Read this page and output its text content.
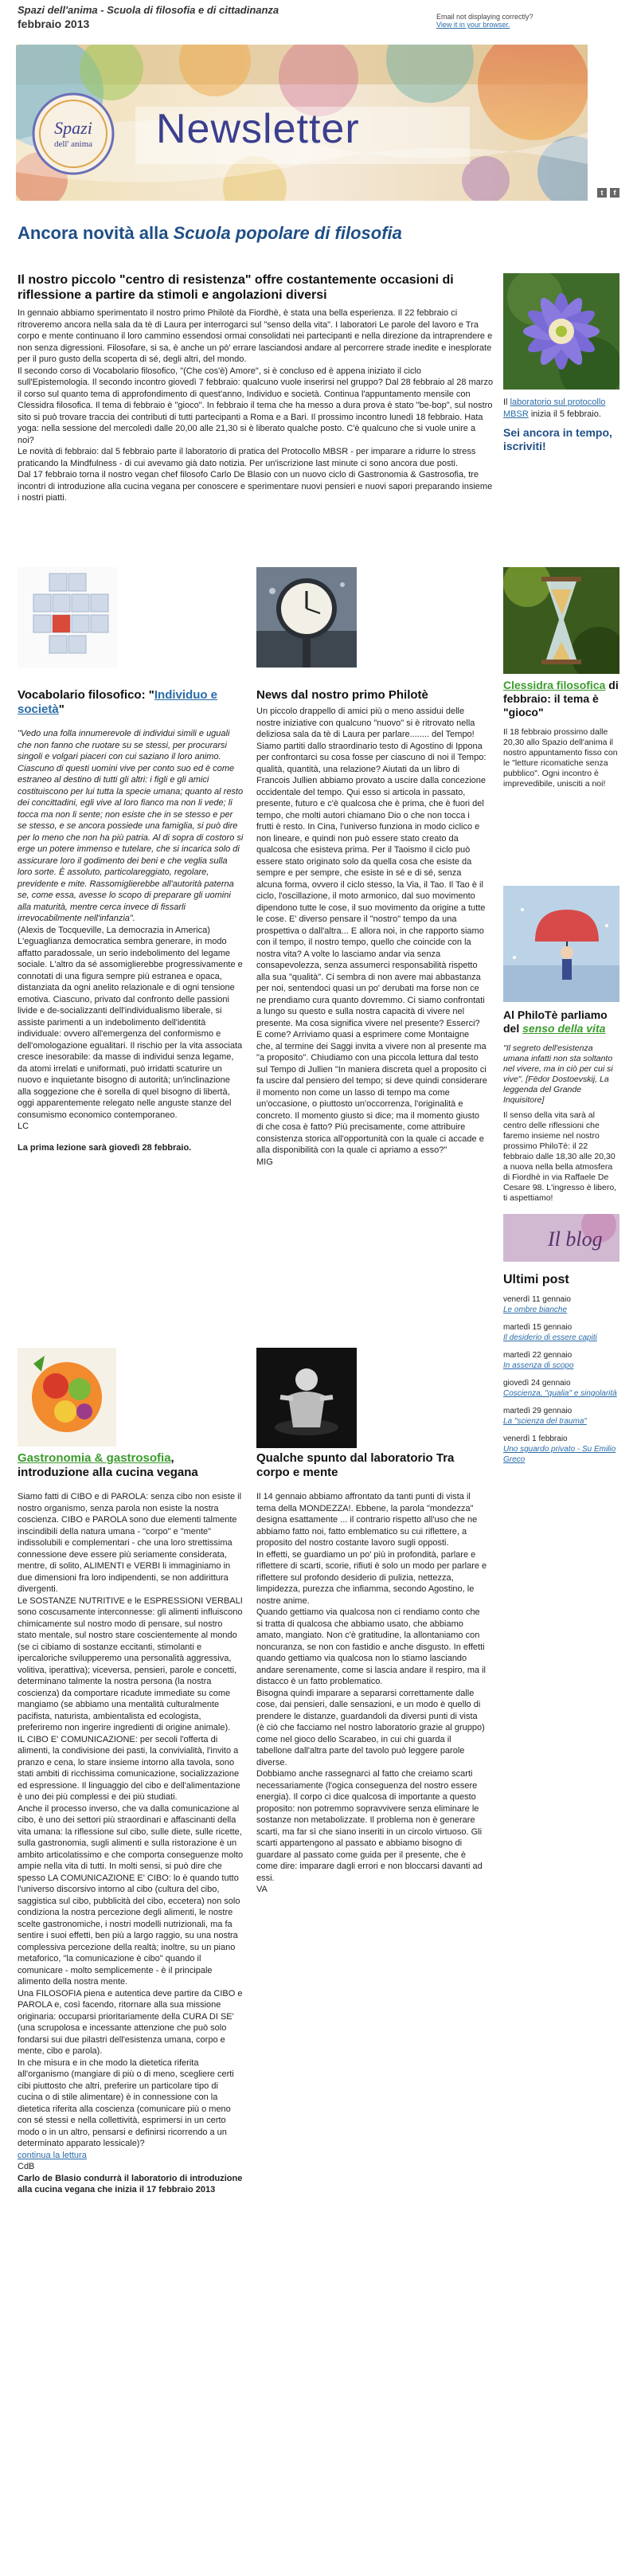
Spazi dell'anima - Scuola di filosofia e di cittadinanza
febbraio 2013
Email not displaying correctly?
View it in your browser.
Spazi
dell' anima Newsletter
t	f
Ancora novità alla Scuola popolare di filosofia
Il nostro piccolo "centro di resistenza" offre costantemente occasioni di riflessione a partire da stimoli e angolazioni diversi

In gennaio abbiamo sperimentato il nostro primo Philotè da Fiordhè, è stata una bella esperienza. Il 22 febbraio ci ritroveremo ancora nella sala da tè di Laura per interrogarci sul "senso della vita". I laboratori Le parole del lavoro e Tra corpo e mente continuano il loro cammino essendosi ormai consolidati nei partecipanti e nella direzione da intraprendere e non senza digressioni. Filosofare, si sa, è anche un pò' errare lasciandosi andare al percorrere strade inedite e inesplorate per il puro gusto della scoperta di sé, degli altri, del mondo.

Il secondo corso di Vocabolario filosofico, "(Che cos'è) Amore", si è concluso ed è appena iniziato il ciclo sull'Epistemologia. Il secondo incontro giovedì 7 febbraio: qualcuno vuole inserirsi nel gruppo? Dal 28 febbraio al 28 marzo il corso sul quanto tema di approfondimento di quest'anno, Individuo e società. Continua l'appuntamento mensile con Clessidra filosofica. Il tema di febbraio è "gioco". In febbraio il tema che ha messo a dura prova è stato "be-bop", sul nostro sito si può trovare traccia dei contributi di tutti partecipanti a Roma e a Bari. Il prossimo incontro lunedì 18 febbraio. Hata yoga: nella sessione del mercoledì dalle 20,00 alle 21,30 si è liberato qualche posto. C'è qualcuno che si vuole unire a noi?

Le novità di febbraio: dal 5 febbraio parte il laboratorio di pratica del Protocollo MBSR - per imparare a ridurre lo stress praticando la Mindfulness - di cui avevamo già dato notizia. Per un'iscrizione last minute ci sono ancora due posti.

Dal 17 febbraio torna il nostro vegan chef filosofo Carlo De Blasio con un nuovo ciclo di Gastronomia & Gastrosofia, tre incontri di introduzione alla cucina vegana per conoscere e sperimentare nuovi pensieri e nuovi sapori preparando insieme i nostri piatti.

Il laboratorio sul protocollo MBSR inizia il 5 febbraio.

Sei ancora in tempo, iscriviti!
Vocabolario filosofico: "Individuo e società"

"Vedo una folla innumerevole di individui simili e uguali che non fanno che ruotare su se stessi, per procurarsi singoli e volgari piaceri con cui saziano il loro animo. Ciascuno di questi uomini vive per conto suo ed è come estraneo al destino di tutti gli altri: i figli e gli amici costituiscono per lui tutta la specie umana; quanto al resto dei concittadini, egli vive al loro fianco ma non li vede; li tocca ma non li sente; non esiste che in se stesso e per se stesso, e se ancora possiede una famiglia, si può dire per lo meno che non ha più patria. Al di sopra di costoro si erge un potere immenso e tutelare, che si incarica solo di assicurare loro il godimento dei beni e che veglia sulla loro sorte. È assoluto, particolareggiato, regolare, previdente e mite. Rassomiglierebbe all'autorità paterna se, come essa, avesse lo scopo di preparare gli uomini alla maturità, mentre cerca invece di fissarli irrevocabilmente nell'infanzia".

(Alexis de Tocqueville, La democrazia in America)

L'eguaglianza democratica sembra generare, in modo affatto paradossale, un serio indebolimento del legame sociale. L'altro da sé assomiglierebbe progressivamente e connotati di una figura sempre più estranea e opaca, distanziata da ogni anelito relazionale e di ogni tensione emotiva. Ciascuno, privato dal confronto delle passioni livide e de-socializzanti dell'individualismo liberale, si assiste parimenti a un indebolimento dell'identità individuale: ovvero all'emergenza del conformismo e dell'omologazione egualitari. Il rischio per la vita associata cresce inesorabile: da masse di individui senza legame, da atomi irrelati e uniformati, può irridatti scaturire un nuovo e inquietante bisogno di autorità; un'inclinazione alla soggezione che è sorella di quel bisogno di libertà, oggi apparentemente relegato nelle anguste stanze del consumismo economico contemporaneo.

LC

La prima lezione sarà giovedì 28 febbraio.

News dal nostro primo Philotè

Un piccolo drappello di amici più o meno assidui delle nostre iniziative con qualcuno "nuovo" si è ritrovato nella deliziosa sala da tè di Laura per parlare........ del Tempo! Siamo partiti dallo straordinario testo di Agostino di Ippona per confrontarci su cosa fosse per ciascuno di noi il Tempo: qualità, quantità, una relazione? Aiutati da un libro di Francois Jullien abbiamo provato a uscire dalla concezione occidentale del tempo. Qui esso si articola in passato, presente, futuro e c'è qualcosa che è prima, che è fuori del tempo, che molti autori chiamano Dio o che non tocca i frutti è resto. In Cina, l'universo funziona in modo ciclico e non lineare, e quindi non può essere stato creato da qualcosa che esisteva prima. Per il Taoismo il ciclo può essere stato originato solo da quella cosa che esiste da sempre e per sempre, che esiste in sé e di sé, senza alcuna forma, ovvero il ciclo stesso, la Via, il Tao. Il Tao è il ciclo, l'oscillazione, il moto armonico, dal suo movimento dipendono tutte le cose, il suo movimento da origine a tutte le cose. E' diverso pensare il "nostro" tempo da una prospettiva o dall'altra... E allora noi, in che rapporto siamo con il tempo, il nostro tempo, quello che coincide con la nostra vita? A volte lo lasciamo andar via senza consapevolezza, senza assumerci responsabilità rispetto alla sua "qualità". Ci sembra di non avere mai abbastanza per noi, sentendoci quasi un po' derubati ma forse non ce ne prendiamo cura quanto dovremmo. Ci siamo confrontati a lungo su questo e sulla nostra capacità di vivere nel presente. Ma cosa significa vivere nel presente? Esserci? E come? Arriviamo quasi a esprimere come Montaigne che, al termine dei Saggi invita a vivere non al presente ma "a proposito". Chiudiamo con una piccola lettura dal testo sul Tempo di Jullien "In maniera discreta quel a proposito ci fa uscire dal pensiero del tempo; si deve quindi considerare il momento non come un lasso di tempo ma come un'occasione, o piuttosto un'occorrenza, l'originalità e concreto. Il momento giusto si dice; ma il momento giusto di che cosa è fatto? Più precisamente, come attribuire consistenza storica all'opportunità con la quale ci accade e alla disponibilità con la quale ci apriamo a esso?"

MIG

Clessidra filosofica di febbraio: il tema è "gioco"

Il 18 febbraio prossimo dalle 20,30 allo Spazio dell'anima il nostro appuntamento fisso con le "letture ricomatiche senza pubblico". Ogni incontro è imprevedibile, unisciti a noi!

Al PhiloTè parliamo del senso della vita

"Il segreto dell'esistenza umana infatti non sta soltanto nel vivere, ma in ciò per cui si vive". [Fëdor Dostoevskij, La leggenda del Grande Inquisitore]

Il senso della vita sarà al centro delle riflessioni che faremo insieme nel nostro prossimo PhiloTè: il 22 febbraio dalle 18,30 alle 20,30 a nuova nella bella atmosfera di Fiordhè in via Raffaele De Cesare 98. L'ingresso è libero, ti aspettiamo!

Il blog
Ultimi post
venerdì 11 gennaio
Le ombre bianche
martedì 15 gennaio
Il desiderio di essere capiti
martedì 22 gennaio
In assenza di scopo
giovedì 24 gennaio
Coscienza, "qualia" e singolarità
martedì 29 gennaio
La "scienza del trauma"
venerdì 1 febbraio
Uno sguardo privato - Su Emilio Greco
Gastronomia & gastrosofia, introduzione alla cucina vegana

Siamo fatti di CIBO e di PAROLA: senza cibo non esiste il nostro organismo, senza parola non esiste la nostra coscienza. CIBO e PAROLA sono due elementi talmente inscindibili della natura umana - "corpo" e "mente" indissolubili e complementari - che una loro strettissima connessione deve essere più seriamente considerata, mentre, di solito, ALIMENTI e VERBI li immaginiamo in due dimensioni fra loro indipendenti, se non addirittura divergenti.

Le SOSTANZE NUTRITIVE e le ESPRESSIONI VERBALI sono coscusamente interconnesse: gli alimenti influiscono chimicamente sul nostro modo di pensare, sul nostro stato mentale, sul nostro stare coscientemente al mondo (se ci cibiamo di sostanze eccitanti, stimolanti e ipercaloriche svilupperemo una personalità aggressiva, volitiva, iperattiva); viceversa, pensieri, parole e concetti, determinano talmente la nostra persona (la nostra coscienza) da comportare ricadute immediate su come mangiamo (se abbiamo una mentalità culturalmente pacifista, naturista, ambientalista ed ecologista, preferiremo non ingerire ingredienti di origine animale).

IL CIBO E' COMUNICAZIONE: per secoli l'offerta di alimenti, la condivisione dei pasti, la convivialità, l'invito a pranzo e cena, lo stare insieme intorno alla tavola, sono stati ambiti di ricchissima comunicazione, socializzazione ed espressione. Il linguaggio del cibo e dell'alimentazione è uno dei più complessi e dei più studiati.

Anche il processo inverso, che va dalla comunicazione al cibo, è uno dei settori più straordinari e affascinanti della vita umana: la riflessione sul cibo, sulle diete, sulle ricette, sulla gastronomia, sugli alimenti e sulla ristorazione è un ambito articolatissimo e che comporta conseguenze molto ampie nella vita di tutti. In molti sensi, si può dire che spesso LA COMUNICAZIONE E' CIBO: lo è quando tutto l'universo discorsivo intorno al cibo (cultura del cibo, saggistica sul cibo, pubblicità del cibo, eccetera) non solo condiziona la nostra percezione degli alimenti, le nostre scelte gastronomiche, i nostri modelli nutrizionali, ma fa sentire i suoi effetti, ben più a largo raggio, su una nostra complessiva percezione della realtà; inoltre, su un piano metaforico, "la comunicazione è cibo" quando il comunicare - molto semplicemente - è il principale alimento della nostra mente.

Una FILOSOFIA piena e autentica deve partire da CIBO e PAROLA e, così facendo, ritornare alla sua missione originaria: occuparsi prioritariamente della CURA DI SE' (una scrupolosa e incessante attenzione che può solo fondarsi sui due pilastri dell'esistenza umana, corpo e mente, cibo e parola).

In che misura e in che modo la dietetica riferita all'organismo (mangiare di più o di meno, scegliere certi cibi piuttosto che altri, preferire un particolare tipo di cucina o di stile alimentare) è in connessione con la dietetica riferita alla coscienza (comunicare più o meno con sé stessi e nella collettività, esprimersi in un certo modo o in un altro, pensarsi e definirsi ricorrendo a un determinato apparato lessicale)?

continua la lettura

CdB

Carlo de Blasio condurrà il laboratorio di introduzione alla cucina vegana che inizia il 17 febbraio 2013

Qualche spunto dal laboratorio Tra corpo e mente

Il 14 gennaio abbiamo affrontato da tanti punti di vista il tema della MONDEZZA!. Ebbene, la parola "mondezza" designa esattamente ... il contrario rispetto all'uso che ne abbiamo fatto noi, fatto emblematico su cui riflettere, a proposito del nostro costante lavoro sugli opposti.

In effetti, se guardiamo un po' più in profondità, parlare e riflettere di scarti, scorie, rifiuti è solo un modo per parlare e riflettere sul profondo desiderio di pulizia, nettezza, limpidezza, purezza che infiamma, secondo Agostino, le nostre anime.

Quando gettiamo via qualcosa non ci rendiamo conto che si tratta di qualcosa che abbiamo usato, che abbiamo amato, mangiato. Non c'è gratitudine, la allontaniamo con noncuranza, se non con fastidio e anche disgusto. In effetti quando gettiamo via qualcosa non lo stiamo lasciando andare serenamente, come si lascia andare il respiro, ma il distacco è un fatto problematico.

Bisogna quindi imparare a separarsi correttamente dalle cose, dai pensieri, dalle sensazioni, e un modo è quello di prendere le distanze, guardandoli da diversi punti di vista (è ciò che facciamo nel nostro laboratorio grazie al gruppo) come nel gioco dello Scarabeo, in cui chi guarda il tabellone dall'altra parte del tavolo può leggere parole diverse.

Dobbiamo anche rassegnarci al fatto che creiamo scarti necessariamente (l'ogica conseguenza del nostro essere energia). Il corpo ci dice qualcosa di importante a questo proposito: non potremmo sopravvivere senza eliminare le sostanze non metabolizzate. Il problema non è generare scarti, ma far sì che siano inseriti in un circolo virtuoso. Gli scarti appartengono al passato e abbiamo bisogno di guardare al passato come guida per il presente, che è come dire: imparare dagli errori e non bloccarsi davanti ad essi.

VA
